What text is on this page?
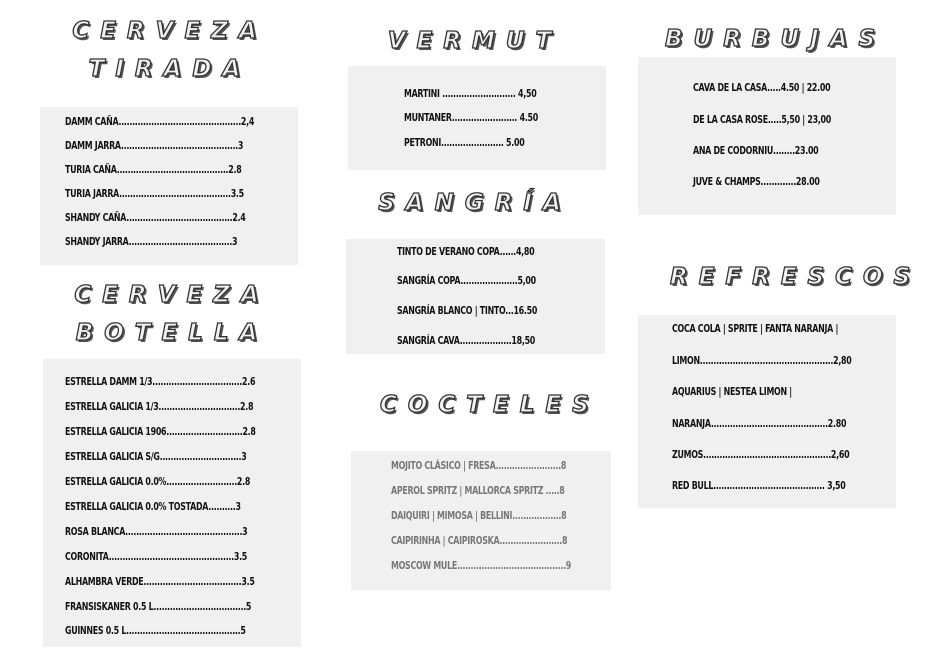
CERVEZA
TIRADA
DAMM CAÑA.............................................2,4
DAMM JARRA...........................................3
TURIA CAÑA.........................................2.8
TURIA JARRA.........................................3.5
SHANDY CAÑA.......................................2.4
SHANDY JARRA......................................3
CERVEZA
BOTELLA
ESTRELLA DAMM 1/3.................................2.6
ESTRELLA GALICIA 1/3..............................2.8
ESTRELLA GALICIA 1906............................2.8
ESTRELLA GALICIA S/G..............................3
ESTRELLA GALICIA 0.0%..........................2.8
ESTRELLA GALICIA 0.0% TOSTADA..........3
ROSA BLANCA...........................................3
CORONITA..............................................3.5
ALHAMBRA VERDE....................................3.5
FRANSISKANER 0.5 L..................................5
GUINNES 0.5 L..........................................5
VERMUT
MARTINI ........................... 4,50
MUNTANER........................ 4.50
PETRONI....................... 5.00
SANGRÍA
TINTO DE VERANO COPA......4,80
SANGRÍA COPA.....................5,00
SANGRÍA BLANCO | TINTO...16.50
SANGRÍA CAVA...................18,50
COCTELES
MOJITO CLÁSICO | FRESA........................8
APEROL SPRITZ | MALLORCA SPRITZ .....8
DAIQUIRI | MIMOSA | BELLINI..................8
CAIPIRINHA | CAIPIROSKA.......................8
MOSCOW MULE........................................9
BURBUJAS
CAVA DE LA CASA.....4.50 | 22.00
DE LA CASA ROSE.....5,50 | 23,00
ANA DE CODORNIU........23.00
JUVE & CHAMPS.............28.00
REFRESCOS
COCA COLA | SPRITE | FANTA NARANJA |
LIMON.................................................2,80
AQUARIUS | NESTEA LIMON |
NARANJA...........................................2.80
ZUMOS...............................................2,60
RED BULL......................................... 3,50
